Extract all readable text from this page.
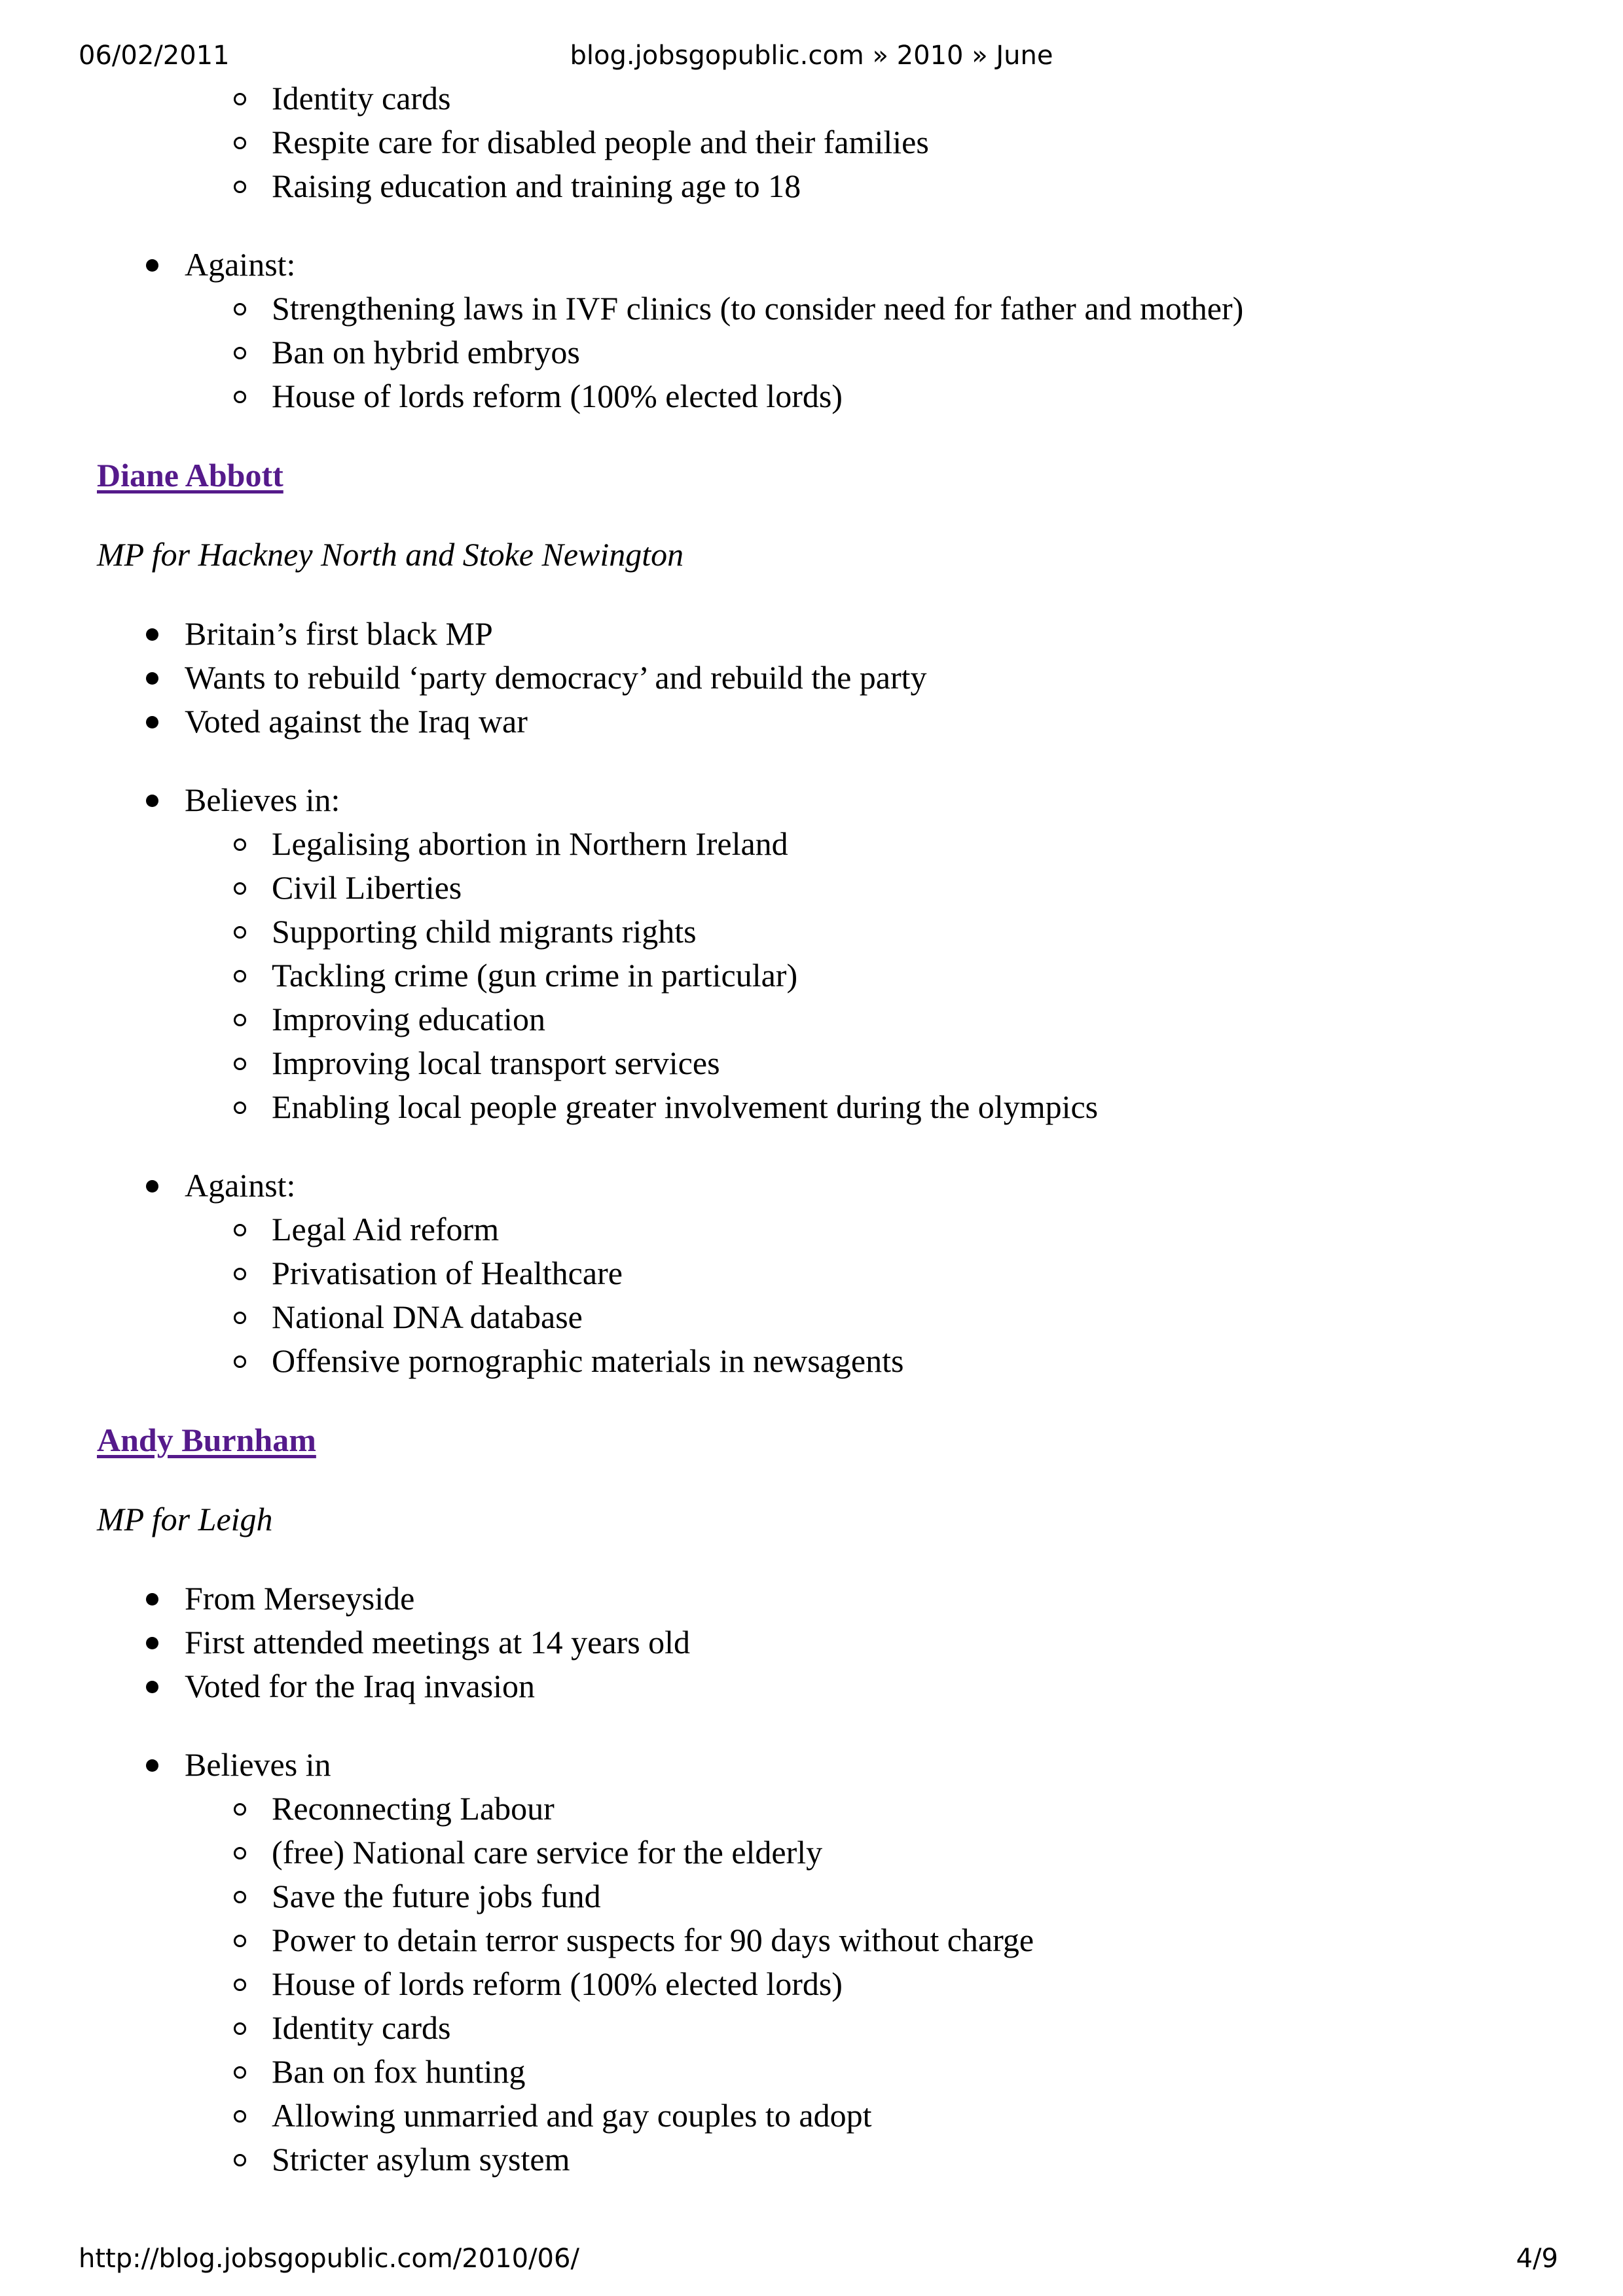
06/02/2011	blog.jobsgopublic.com » 2010 » June
Identity cards
Respite care for disabled people and their families
Raising education and training age to 18
Against:
Strengthening laws in IVF clinics (to consider need for father and mother)
Ban on hybrid embryos
House of lords reform (100% elected lords)
Diane Abbott
MP for Hackney North and Stoke Newington
Britain’s first black MP
Wants to rebuild ‘party democracy’ and rebuild the party
Voted against the Iraq war
Believes in:
Legalising abortion in Northern Ireland
Civil Liberties
Supporting child migrants rights
Tackling crime (gun crime in particular)
Improving education
Improving local transport services
Enabling local people greater involvement during the olympics
Against:
Legal Aid reform
Privatisation of Healthcare
National DNA database
Offensive pornographic materials in newsagents
Andy Burnham
MP for Leigh
From Merseyside
First attended meetings at 14 years old
Voted for the Iraq invasion
Believes in
Reconnecting Labour
(free) National care service for the elderly
Save the future jobs fund
Power to detain terror suspects for 90 days without charge
House of lords reform (100% elected lords)
Identity cards
Ban on fox hunting
Allowing unmarried and gay couples to adopt
Stricter asylum system
http://blog.jobsgopublic.com/2010/06/	4/9
